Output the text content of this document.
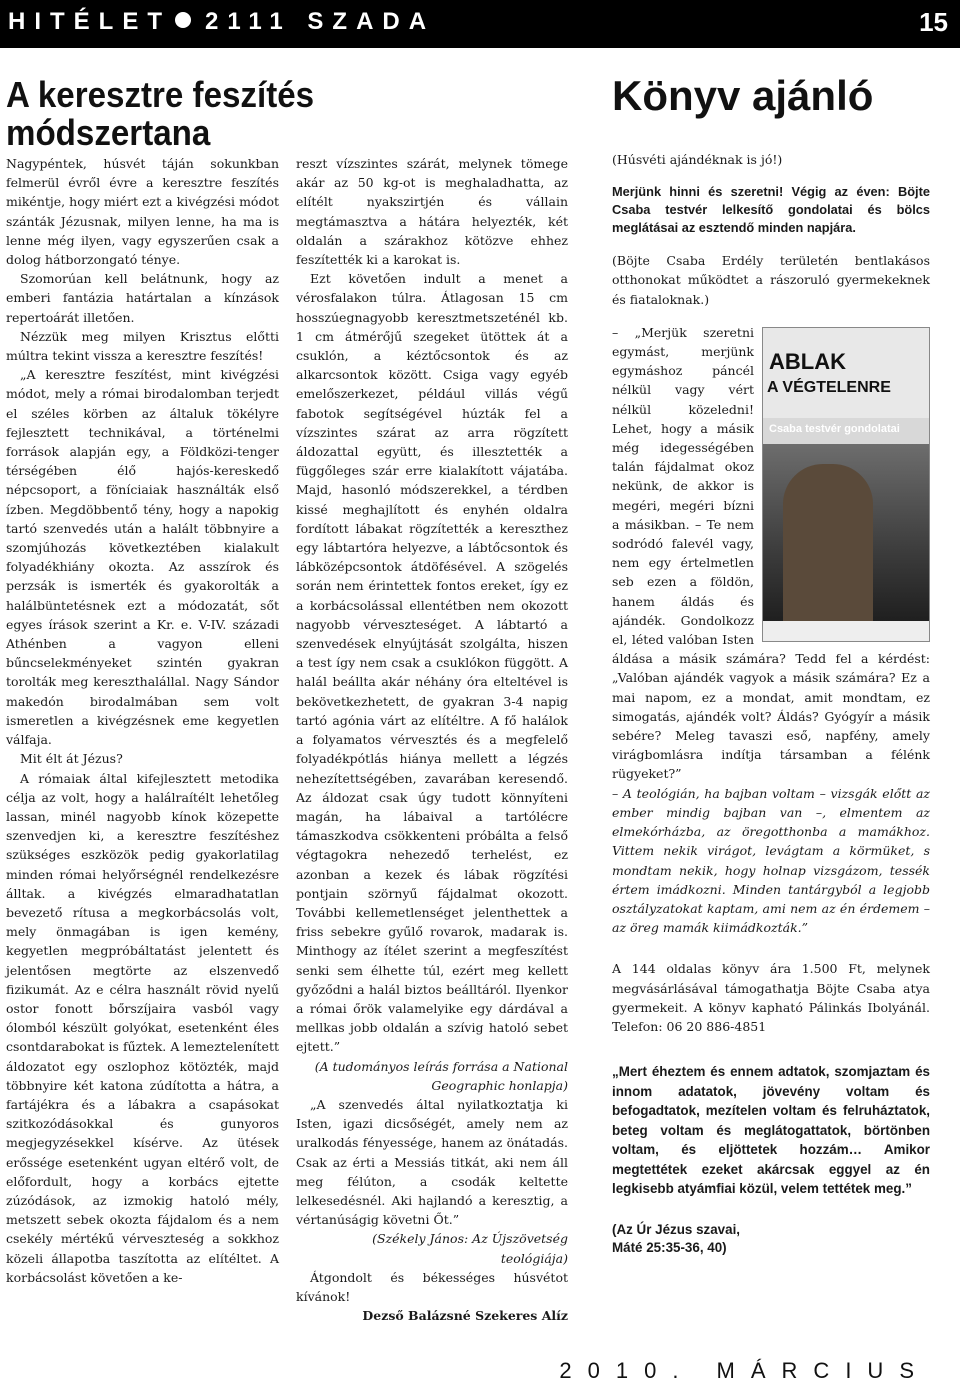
HITÉLET 2111 SZADA	15
A keresztre feszítés
módszertana

Nagypéntek, húsvét táján sokunkban felmerül évről évre a keresztre feszítés mikéntje, hogy miért ezt a kivégzési módot szánták Jézusnak, milyen lenne, ha ma is lenne még ilyen, vagy egyszerűen csak a dolog hátborzongató ténye.

Szomorúan kell belátnunk, hogy az emberi fantázia határtalan a kínzások repertoárát illetően.

Nézzük meg milyen Krisztus előtti múltra tekint vissza a keresztre feszítés!

„A keresztre feszítést, mint kivégzési módot, mely a római birodalomban terjedt el széles körben az általuk tökélyre fejlesztett technikával, a történelmi források alapján egy, a Földközi-tenger térségében élő hajós-kereskedő népcsoport, a föníciaiak használták első ízben. Megdöbbentő tény, hogy a napokig tartó szenvedés után a halált többnyire a szomjúhozás következtében kialakult folyadékhiány okozta. Az asszírok és perzsák is ismerték és gyakorolták a halálbüntetésnek ezt a módozatát, sőt egyes írások szerint a Kr. e. V-IV. századi Athénben a vagyon elleni bűncselekményeket szintén gyakran torolták meg kereszthalállal. Nagy Sándor makedón birodalmában sem volt ismeretlen a kivégzésnek eme kegyetlen válfaja.

Mit élt át Jézus?

A rómaiak által kifejlesztett metodika célja az volt, hogy a halálraítélt lehetőleg lassan, minél nagyobb kínok közepette szenvedjen ki, a keresztre feszítéshez szükséges eszközök pedig gyakorlatilag minden római helyőrségnél rendelkezésre álltak. a kivégzés elmaradhatatlan bevezető rítusa a megkorbácsolás volt, mely önmagában is igen kemény, kegyetlen megpróbáltatást jelentett és jelentősen megtörte az elszenvedő fizikumát. Az e célra használt rövid nyelű ostor fonott bőrszíjaira vasból vagy ólomból készült golyókat, esetenként éles csontdarabokat is fűztek. A lemeztelenített áldozatot egy oszlophoz kötözték, majd többnyire két katona zúdította a hátra, a fartájékra és a lábakra a csapásokat szitkozódásokkal és gunyoros megjegyzésekkel kísérve. Az ütések erőssége esetenként ugyan eltérő volt, de előfordult, hogy a korbács ejtette zúzódások, az izmokig hatoló mély, metszett sebek okozta fájdalom és a nem csekély mértékű vérveszteség a sokkhoz közeli állapotba taszította az elítéltet. A korbácsolást követően a ke-

reszt vízszintes szárát, melynek tömege akár az 50 kg-ot is meghaladhatta, az elítélt nyakszirtjén és vállain megtámasztva a hátára helyezték, két oldalán a szárakhoz kötözve ehhez feszítették ki a karokat is.

Ezt követően indult a menet a vérosfalakon túlra. Átlagosan 15 cm hosszúegnagyobb keresztmetszeténél kb. 1 cm átmérőjű szegeket ütöttek át a csuklón, a kéztőcsontok és az alkarcsontok között. Csiga vagy egyéb emelőszerkezet, például villás végű fabotok segítségével húzták fel a vízszintes szárat az arra rögzített áldozattal együtt, és illesztették a függőleges szár erre kialakított vájatába. Majd, hasonló módszerekkel, a térdben kissé meghajlított és enyhén oldalra fordított lábakat rögzítették a kereszthez egy lábtartóra helyezve, a lábtőcsontok és lábközépcsontok átdöfésével. A szögelés során nem érintettek fontos ereket, így ez a korbácsolással ellentétben nem okozott nagyobb vérveszteséget. A lábtartó a szenvedések elnyújtását szolgálta, hiszen a test így nem csak a csuklókon függött. A halál beállta akár néhány óra elteltével is bekövetkezhetett, de gyakran 3-4 napig tartó agónia várt az elítéltre. A fő halálok a folyamatos vérvesztés és a megfelelő folyadékpótlás hiánya mellett a légzés nehezítettségében, zavarában keresendő. Az áldozat csak úgy tudott könnyíteni magán, ha lábaival a tartólécre támaszkodva csökkenteni próbálta a felső végtagokra nehezedő terhelést, ez azonban a kezek és lábak rögzítési pontjain szörnyű fájdalmat okozott. További kellemetlenséget jelenthettek a friss sebekre gyűlő rovarok, madarak is. Minthogy az ítélet szerint a megfeszítést senki sem élhette túl, ezért meg kellett győződni a halál biztos beálltáról. Ilyenkor a római őrök valamelyike egy dárdával a mellkas jobb oldalán a szívig hatoló sebet ejtett.”

(A tudományos leírás forrása a National Geographic honlapja)

„A szenvedés által nyilatkoztatja ki Isten, igazi dicsőségét, amely nem az uralkodás fényessége, hanem az önátadás. Csak az érti a Messiás titkát, aki nem áll meg félúton, a csodák keltette lelkesedésnél. Aki hajlandó a keresztig, a vértanúságig követni Őt.”

(Székely János: Az Újszövetség teológiája)

Átgondolt és békességes húsvétot kívánok!

Dezső Balázsné Szekeres Alíz

Könyv ajánló

(Húsvéti ajándéknak is jó!)

Merjünk hinni és szeretni! Végig az éven: Böjte Csaba testvér lelkesítő gondolatai és bölcs meglátásai az esztendő minden napjára.

(Böjte Csaba Erdély területén bentlakásos otthonokat működtet a rászoruló gyermekeknek és fiataloknak.)

ABLAK
A VÉGTELENRE
Csaba testvér gondolatai

– „Merjük szeretni egymást, merjünk egymáshoz páncél nélkül vagy vért nélkül közeledni! Lehet, hogy a másik még idegességében talán fájdalmat okoz nekünk, de akkor is megéri, megéri bízni a másikban. – Te nem sodródó falevél vagy, nem egy értelmetlen seb ezen a földön, hanem áldás és ajándék. Gondolkozz el, léted valóban Isten áldása a másik számára? Tedd fel a kérdést: „Valóban ajándék vagyok a másik számára? Ez a mai napom, ez a mondat, amit mondtam, ez simogatás, ajándék volt? Áldás? Gyógyír a másik sebére? Meleg tavaszi eső, napfény, amely virágbomlásra indítja társamban a félénk rügyeket?”

– A teológián, ha bajban voltam – vizsgák előtt az ember mindig bajban van –, elmentem az elmekórházba, az öregotthonba a mamákhoz. Vittem nekik virágot, levágtam a körmüket, s mondtam nekik, hogy holnap vizsgázom, tessék értem imádkozni. Minden tantárgyból a legjobb osztályzatokat kaptam, ami nem az én érdemem – az öreg mamák kiimádkozták.”

A 144 oldalas könyv ára 1.500 Ft, melynek megvásárlásával támogathatja Böjte Csaba atya gyermekeit. A könyv kapható Pálinkás Ibolyánál. Telefon: 06 20 886-4851

„Mert éheztem és ennem adtatok, szomjaztam és innom adatatok, jövevény voltam és befogadtatok, mezítelen voltam és felruháztatok, beteg voltam és meglátogattatok, börtönben voltam, és eljöttetek hozzám… Amikor megtettétek ezeket akárcsak eggyel az én legkisebb atyámfiai közül, velem tettétek meg.”

(Az Úr Jézus szavai,

Máté 25:35-36, 40)

2010. MÁRCIUS
